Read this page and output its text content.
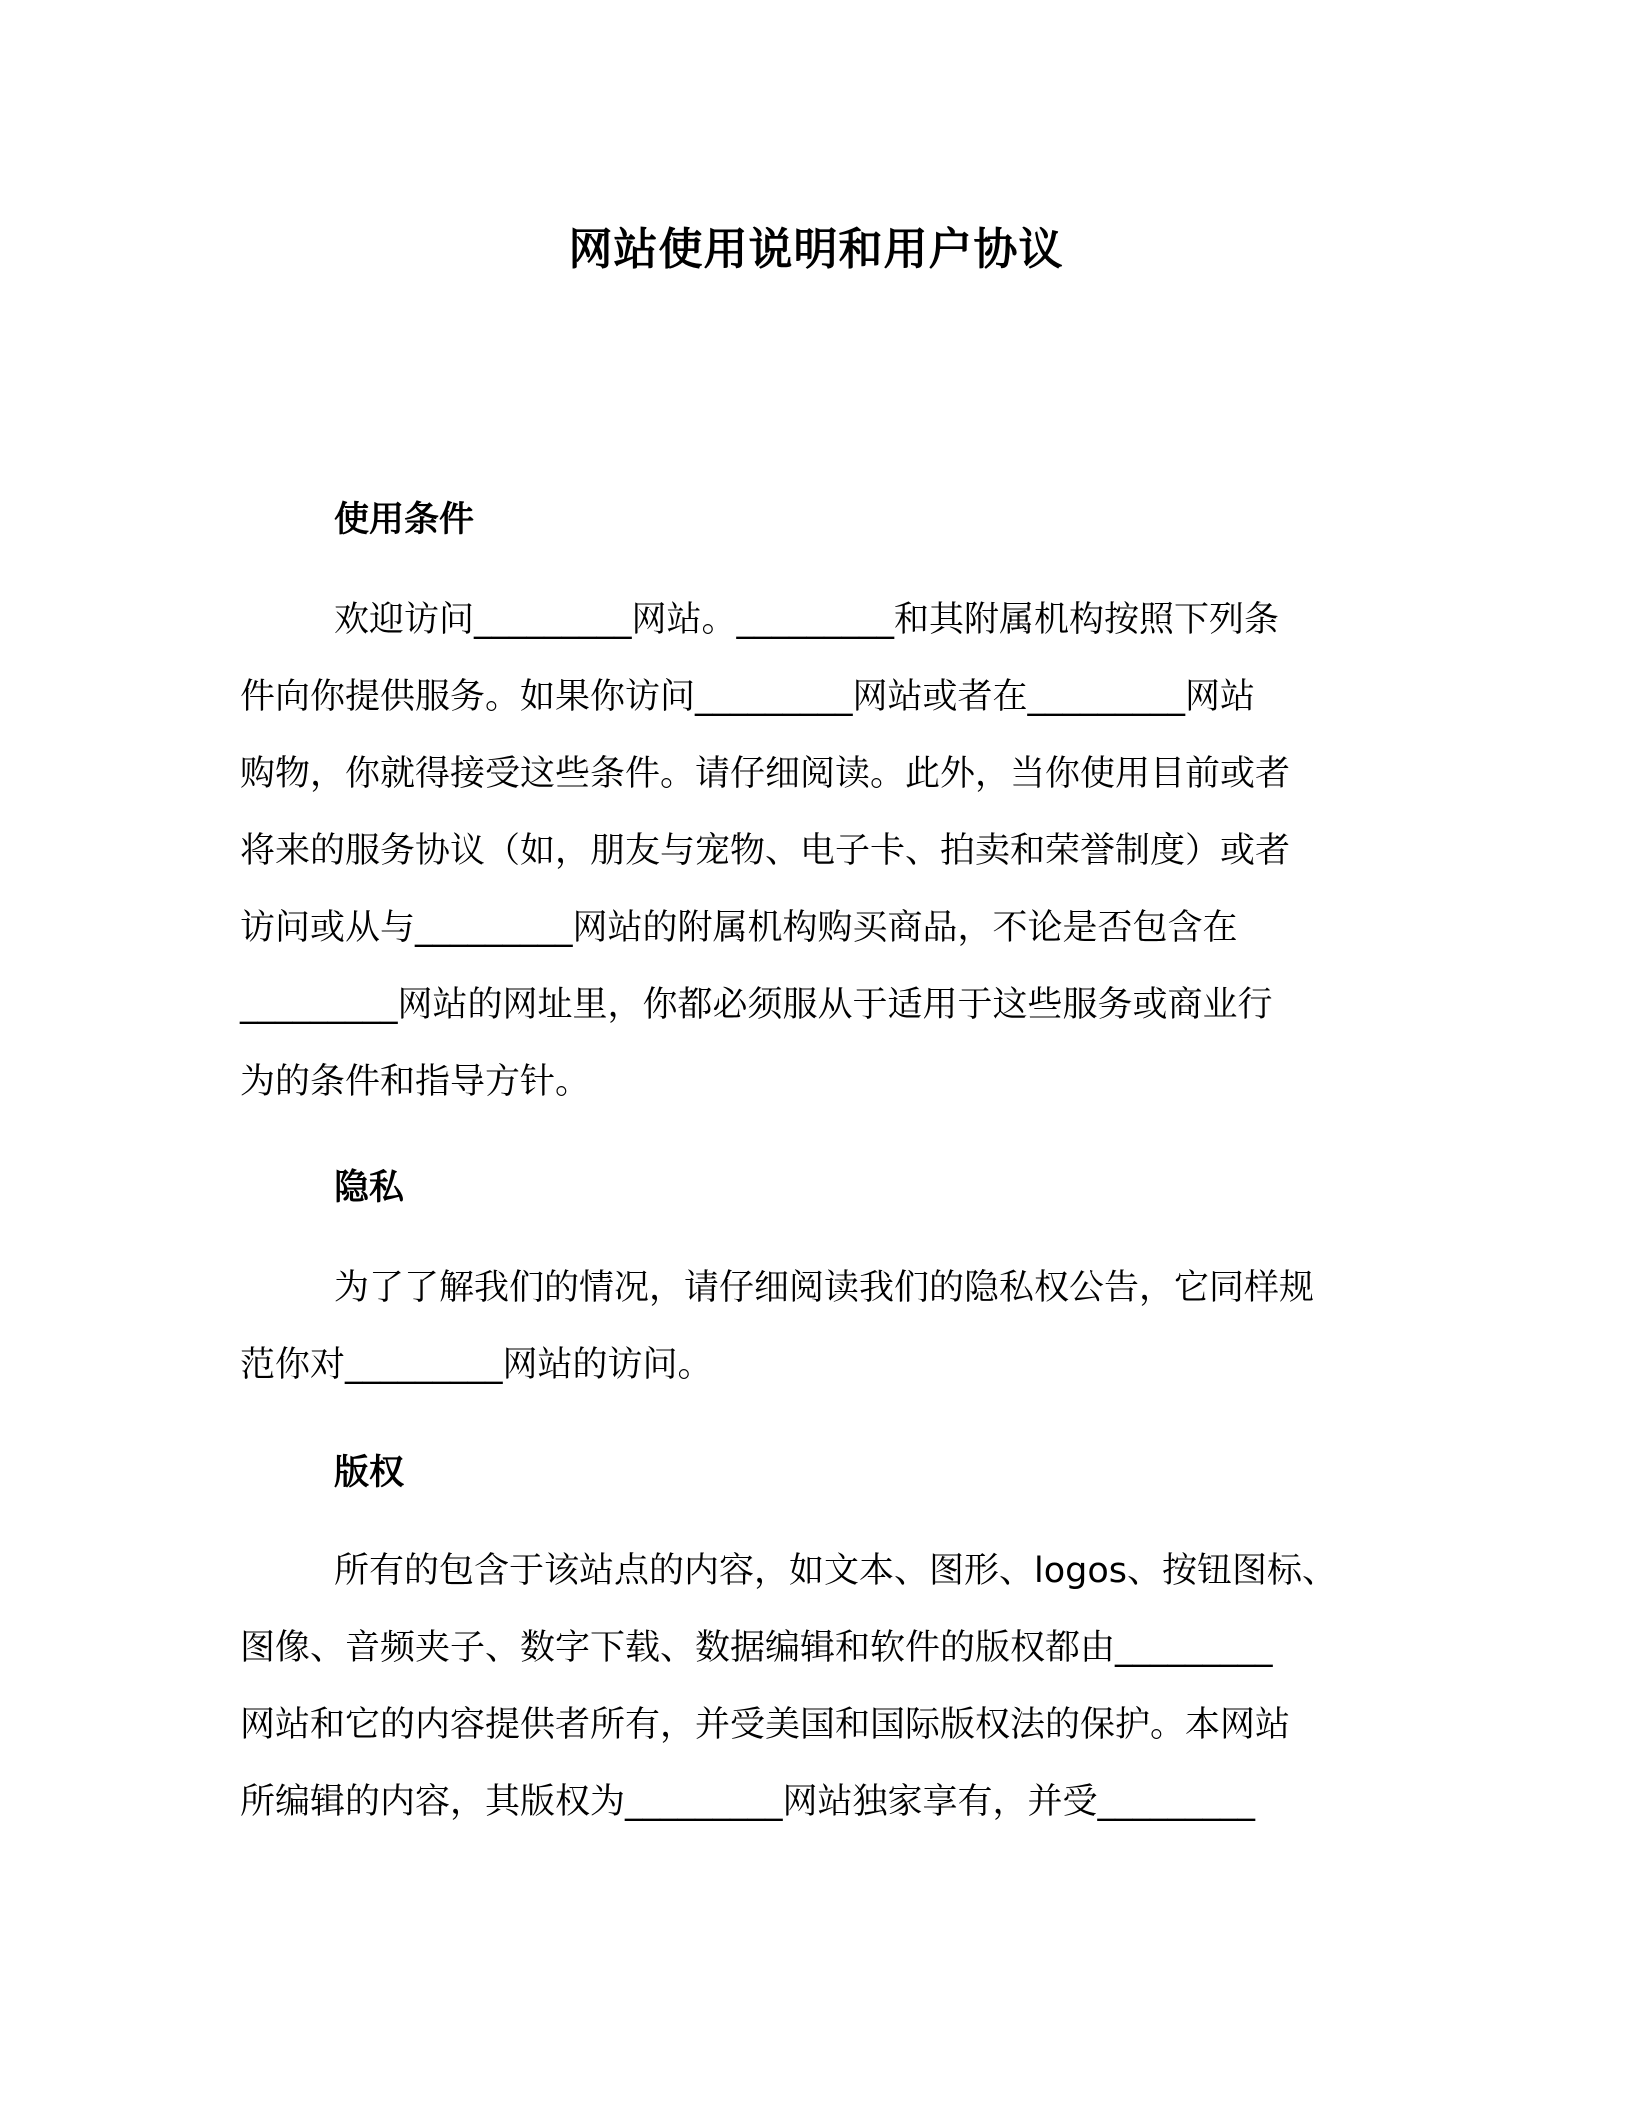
网站使用说明和用户协议
使用条件
欢迎访问_________网站。_________和其附属机构按照下列条
件向你提供服务。如果你访问_________网站或者在_________网站
购物，你就得接受这些条件。请仔细阅读。此外，当你使用目前或者
将来的服务协议（如，朋友与宠物、电子卡、拍卖和荣誉制度）或者
访问或从与_________网站的附属机构购买商品，不论是否包含在
_________网站的网址里，你都必须服从于适用于这些服务或商业行
为的条件和指导方针。
隐私
为了了解我们的情况，请仔细阅读我们的隐私权公告，它同样规
范你对_________网站的访问。
版权
所有的包含于该站点的内容，如文本、图形、logos、按钮图标、
图像、音频夹子、数字下载、数据编辑和软件的版权都由_________
网站和它的内容提供者所有，并受美国和国际版权法的保护。本网站
所编辑的内容，其版权为_________网站独家享有，并受_________
